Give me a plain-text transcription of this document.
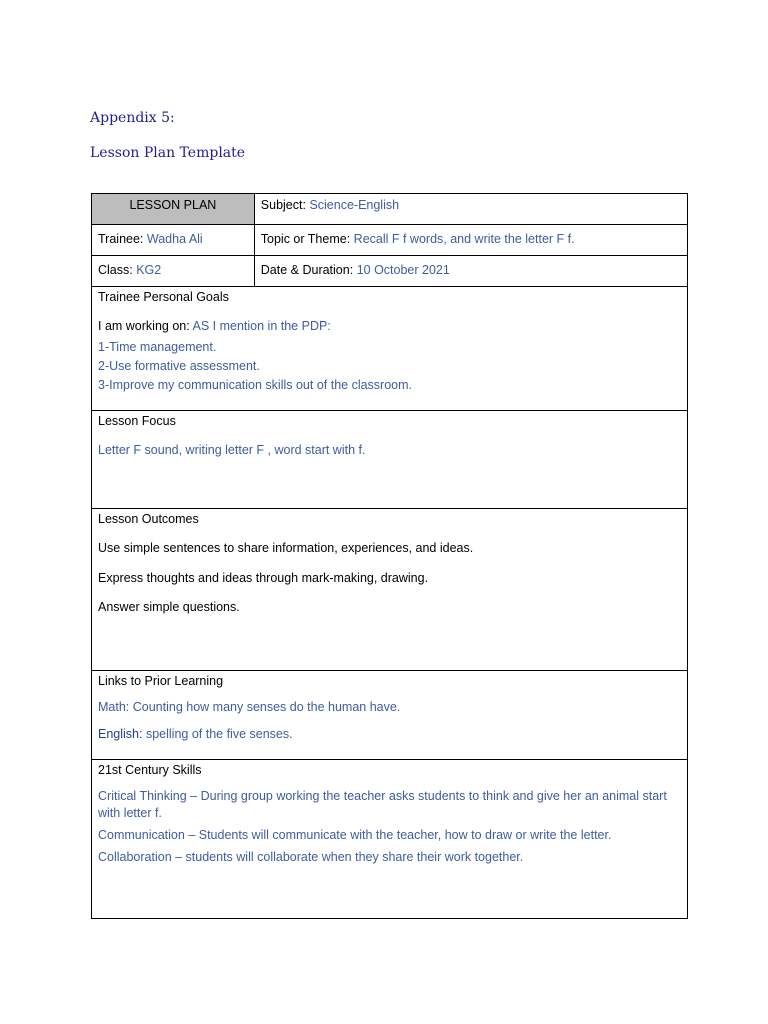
Appendix 5:
Lesson Plan Template
LESSON PLAN	Subject: Science-English
Trainee: Wadha Ali	Topic or Theme: Recall F f words, and write the letter F f.
Class: KG2	Date & Duration: 10 October 2021

Trainee Personal Goals

I am working on: AS I mention in the PDP:

1-Time management.

2-Use formative assessment.

3-Improve my communication skills out of the classroom.	

Lesson Focus

Letter F sound, writing letter F , word start with f.	

Lesson Outcomes

Use simple sentences to share information, experiences, and ideas.

Express thoughts and ideas through mark-making, drawing.

Answer simple questions.	

Links to Prior Learning

Math: Counting how many senses do the human have.

English: spelling of the five senses.	

21st Century Skills

Critical Thinking – During group working the teacher asks students to think and give her an animal start with letter f.

Communication – Students will communicate with the teacher, how to draw or write the letter.

Collaboration – students will collaborate when they share their work together.	
